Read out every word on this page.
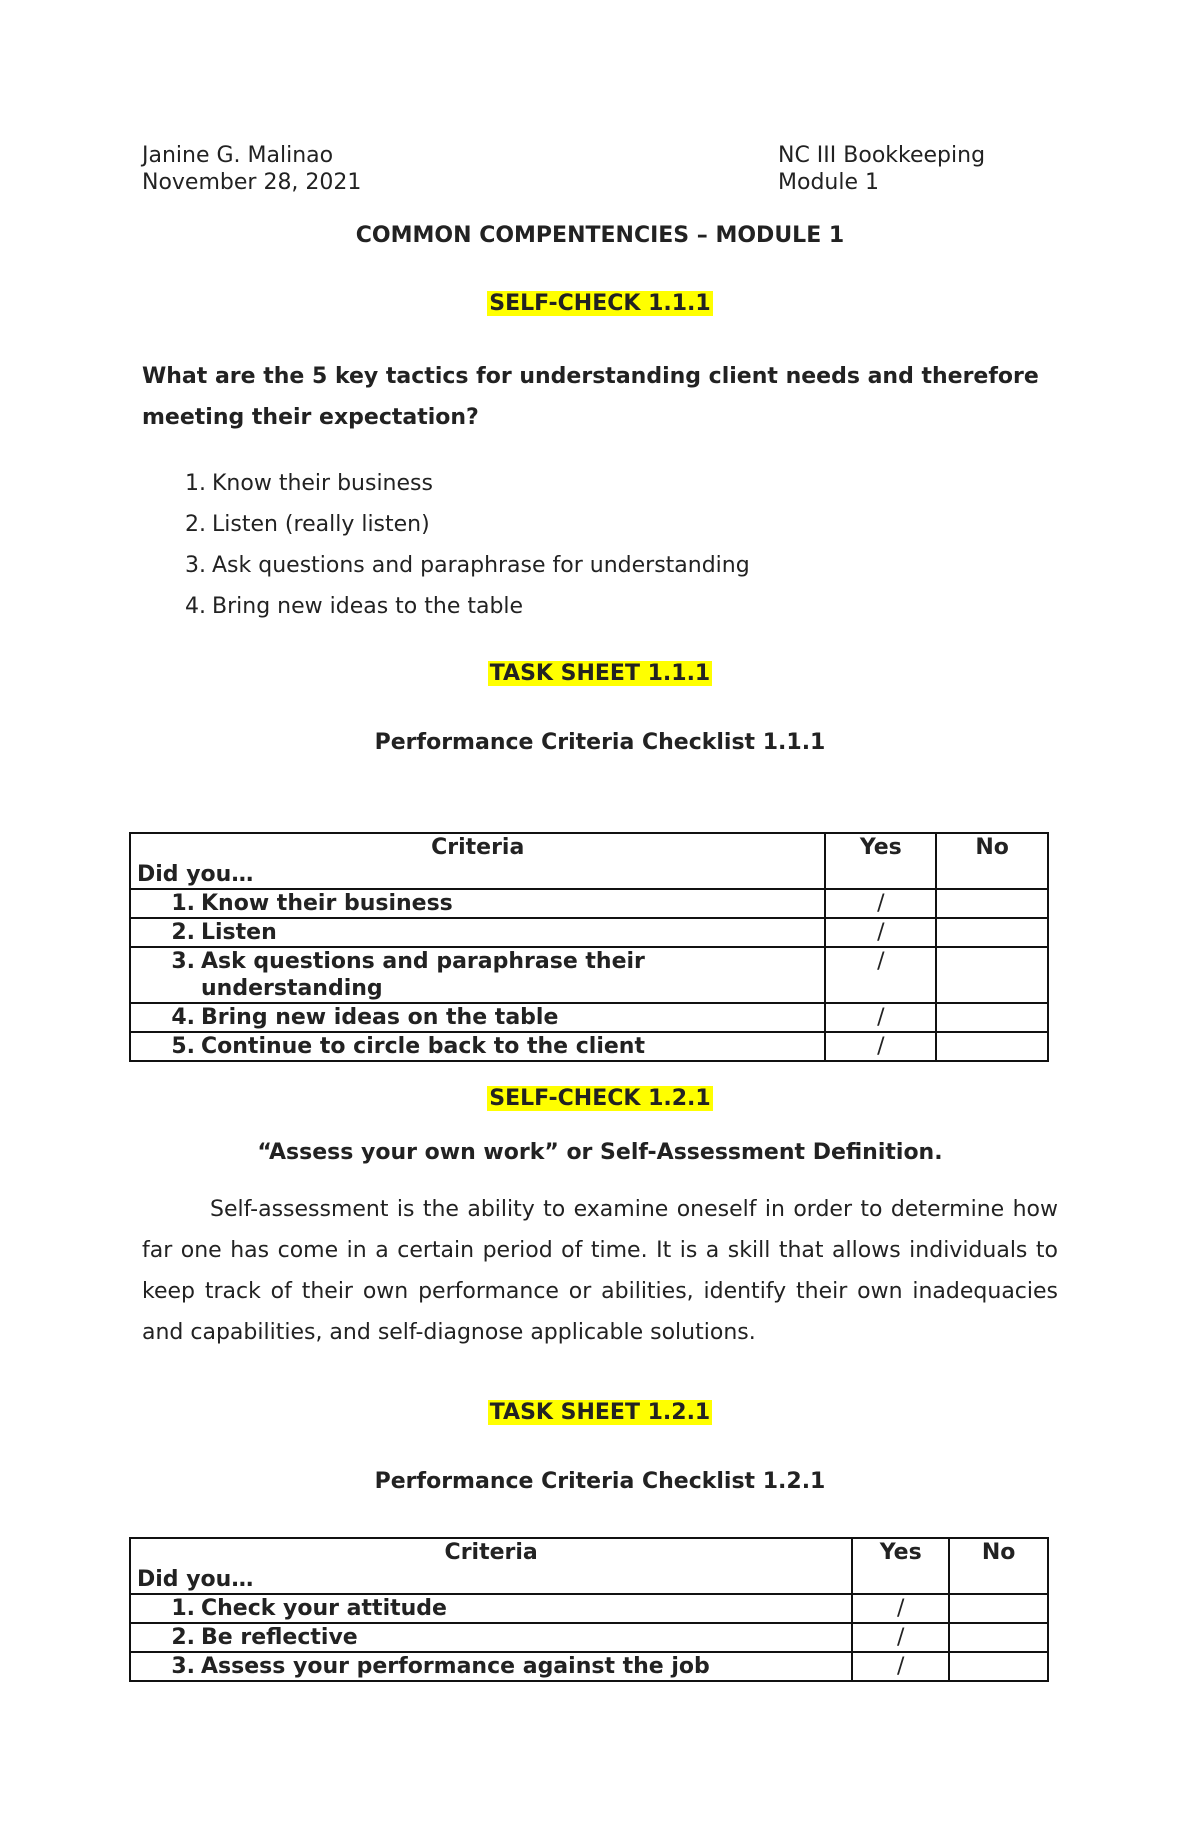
Janine G. Malinao
November 28, 2021
NC III Bookkeeping
Module 1
COMMON COMPENTENCIES – MODULE 1
SELF-CHECK 1.1.1
What are the 5 key tactics for understanding client needs and therefore meeting their expectation?
1. Know their business
2. Listen (really listen)
3. Ask questions and paraphrase for understanding
4. Bring new ideas to the table
TASK SHEET 1.1.1
Performance Criteria Checklist 1.1.1
Criteria
Did you…	Yes	No

1. Know their business	/	

2. Listen	/	

3. Ask questions and paraphrase their understanding	/	

4. Bring new ideas on the table	/	

5. Continue to circle back to the client	/	
SELF-CHECK 1.2.1
“Assess your own work” or Self-Assessment Definition.
Self-assessment is the ability to examine oneself in order to determine how far one has come in a certain period of time. It is a skill that allows individuals to keep track of their own performance or abilities, identify their own inadequacies and capabilities, and self-diagnose applicable solutions.
TASK SHEET 1.2.1
Performance Criteria Checklist 1.2.1
Criteria
Did you…	Yes	No

1. Check your attitude	/	

2. Be reflective	/	

3. Assess your performance against the job	/	
